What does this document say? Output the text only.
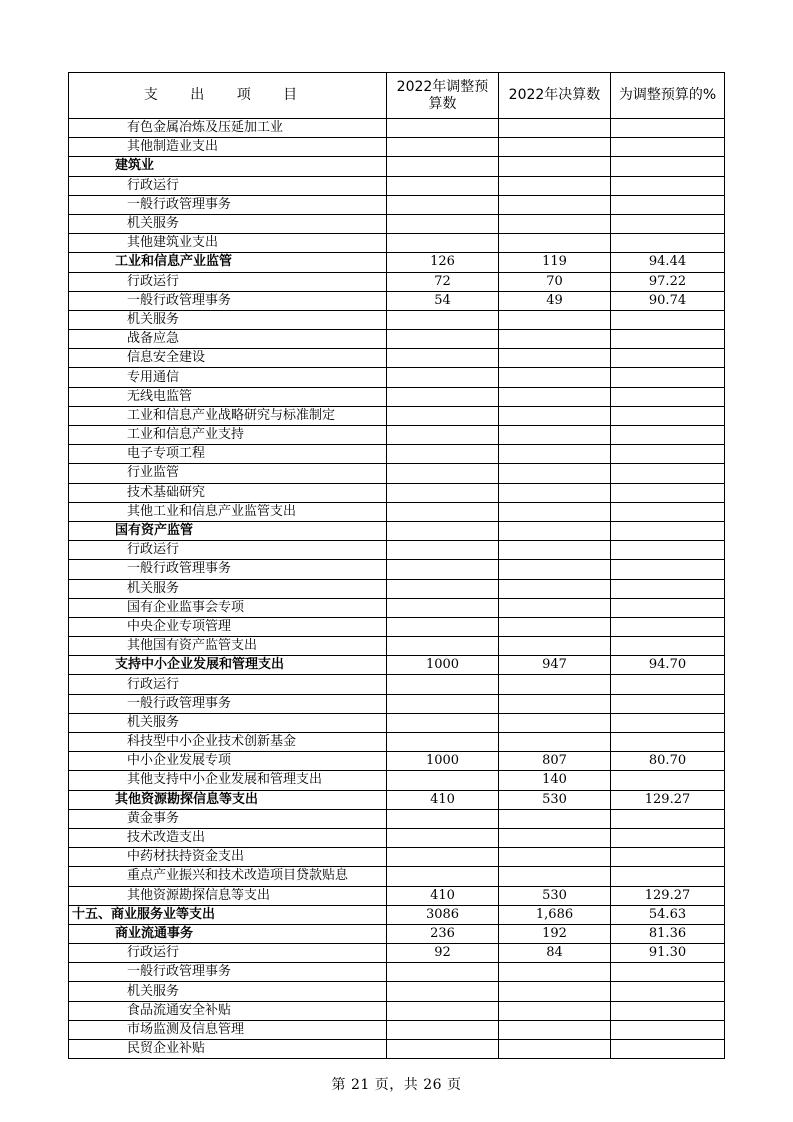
支 出 项 目	2022年调整预算数	2022年决算数	为调整预算的%
有色金属冶炼及压延加工业			
其他制造业支出			
建筑业			
行政运行			
一般行政管理事务			
机关服务			
其他建筑业支出			
工业和信息产业监管	126	119	94.44
行政运行	72	70	97.22
一般行政管理事务	54	49	90.74
机关服务			
战备应急			
信息安全建设			
专用通信			
无线电监管			
工业和信息产业战略研究与标准制定			
工业和信息产业支持			
电子专项工程			
行业监管			
技术基础研究			
其他工业和信息产业监管支出			
国有资产监管			
行政运行			
一般行政管理事务			
机关服务			
国有企业监事会专项			
中央企业专项管理			
其他国有资产监管支出			
支持中小企业发展和管理支出	1000	947	94.70
行政运行			
一般行政管理事务			
机关服务			
科技型中小企业技术创新基金			
中小企业发展专项	1000	807	80.70
其他支持中小企业发展和管理支出		140	
其他资源勘探信息等支出	410	530	129.27
黄金事务			
技术改造支出			
中药材扶持资金支出			
重点产业振兴和技术改造项目贷款贴息			
其他资源勘探信息等支出	410	530	129.27
十五、商业服务业等支出	3086	1,686	54.63
商业流通事务	236	192	81.36
行政运行	92	84	91.30
一般行政管理事务			
机关服务			
食品流通安全补贴			
市场监测及信息管理			
民贸企业补贴			
第 21 页，共 26 页
